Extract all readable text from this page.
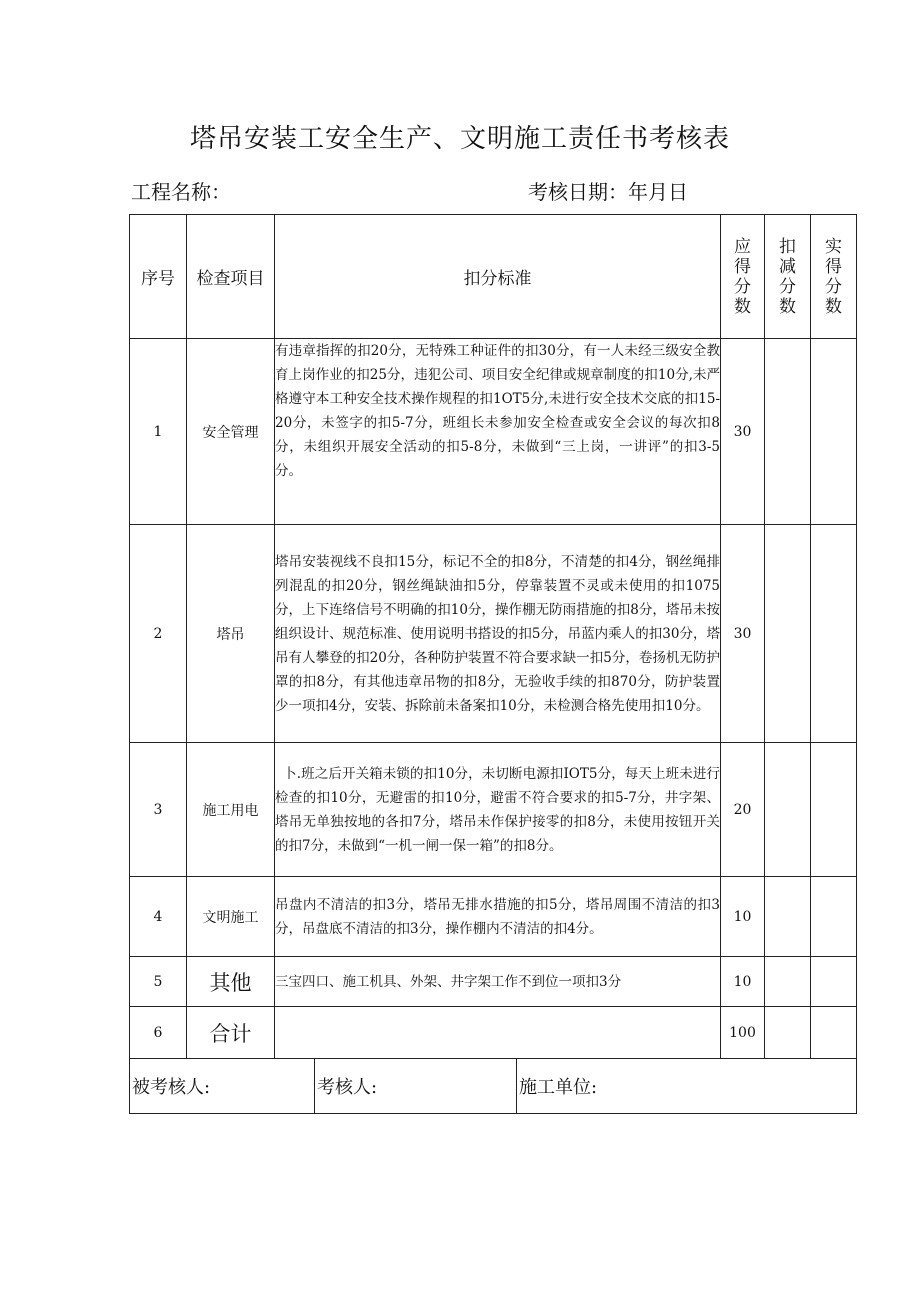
塔吊安装工安全生产、文明施工责任书考核表
工程名称：	考核日期：年月日
序号	检查项目	扣分标准	应得分数	扣减分数	实得分数
1	安全管理	有违章指挥的扣20分，无特殊工种证件的扣30分，有一人未经三级安全教育上岗作业的扣25分，违犯公司、项目安全纪律或规章制度的扣10分,未严格遵守本工种安全技术操作规程的扣1OT5分,未进行安全技术交底的扣15-20分，未签字的扣5-7分，班组长未参加安全检查或安全会议的每次扣8分，未组织开展安全活动的扣5-8分，未做到“三上岗，一讲评”的扣3-5分。	30		
2	塔吊	塔吊安装视线不良扣15分，标记不全的扣8分，不清楚的扣4分，钢丝绳排列混乱的扣20分，钢丝绳缺油扣5分，停靠装置不灵或未使用的扣1075分，上下连络信号不明确的扣10分，操作棚无防雨措施的扣8分，塔吊未按组织设计、规范标准、使用说明书搭设的扣5分，吊蓝内乘人的扣30分，塔吊有人攀登的扣20分，各种防护装置不符合要求缺一扣5分，卷扬机无防护罩的扣8分，有其他违章吊物的扣8分，无验收手续的扣870分，防护装置少一项扣4分，安装、拆除前未备案扣10分，未检测合格先使用扣10分。	30		
3	施工用电	卜.班之后开关箱未锁的扣10分，未切断电源扣IOT5分，每天上班未进行检查的扣10分，无避雷的扣10分，避雷不符合要求的扣5-7分，井字架、塔吊无单独按地的各扣7分，塔吊未作保护接零的扣8分，未使用按钮开关的扣7分，未做到“一机一闸一保一箱”的扣8分。	20		
4	文明施工	吊盘内不清洁的扣3分，塔吊无排水措施的扣5分，塔吊周围不清洁的扣3分，吊盘底不清洁的扣3分，操作棚内不清洁的扣4分。	10		
5	其他	三宝四口、施工机具、外架、井字架工作不到位一项扣3分	10		
6	合计		100		
被考核人:	考核人:	施工单位:
